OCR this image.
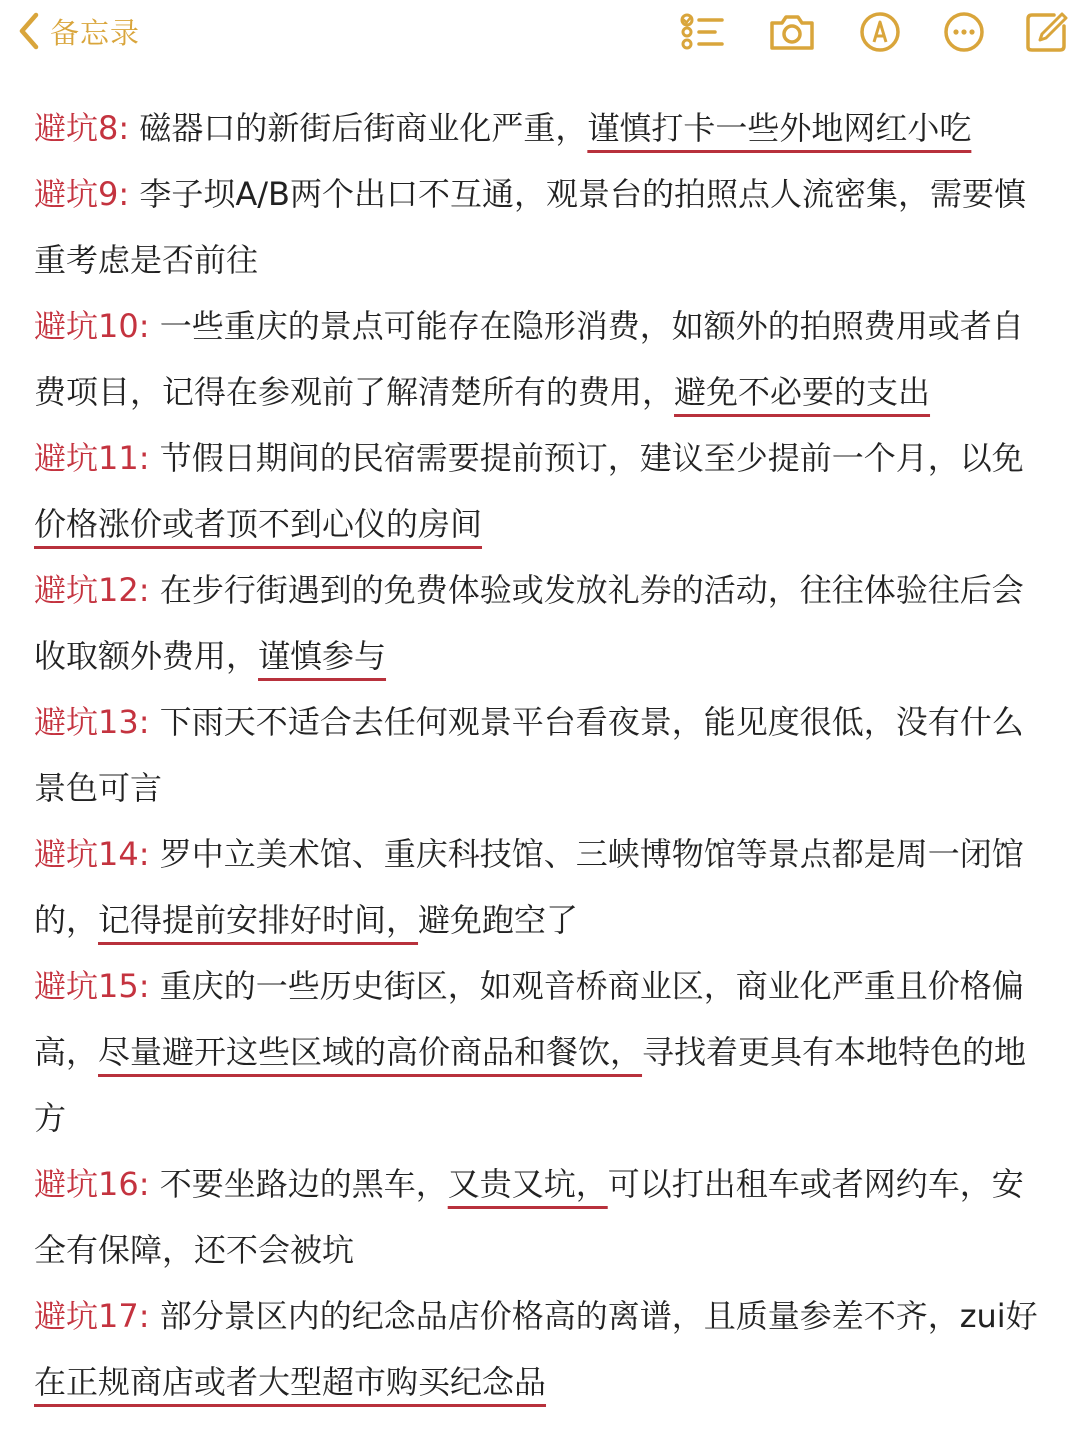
备忘录

避坑8: 磁器口的新街后街商业化严重，谨慎打卡一些外地网红小吃

避坑9: 李子坝A/B两个出口不互通，观景台的拍照点人流密集，需要慎重考虑是否前往

避坑10: 一些重庆的景点可能存在隐形消费，如额外的拍照费用或者自费项目，记得在参观前了解清楚所有的费用，避免不必要的支出

避坑11: 节假日期间的民宿需要提前预订，建议至少提前一个月，以免价格涨价或者顶不到心仪的房间

避坑12: 在步行街遇到的免费体验或发放礼券的活动，往往体验往后会收取额外费用，谨慎参与

避坑13: 下雨天不适合去任何观景平台看夜景，能见度很低，没有什么景色可言

避坑14: 罗中立美术馆、重庆科技馆、三峡博物馆等景点都是周一闭馆的，记得提前安排好时间，避免跑空了

避坑15: 重庆的一些历史街区，如观音桥商业区，商业化严重且价格偏高，尽量避开这些区域的高价商品和餐饮，寻找着更具有本地特色的地方

避坑16: 不要坐路边的黑车，又贵又坑，可以打出租车或者网约车，安全有保障，还不会被坑

避坑17: 部分景区内的纪念品店价格高的离谱，且质量参差不齐，zui好在正规商店或者大型超市购买纪念品
